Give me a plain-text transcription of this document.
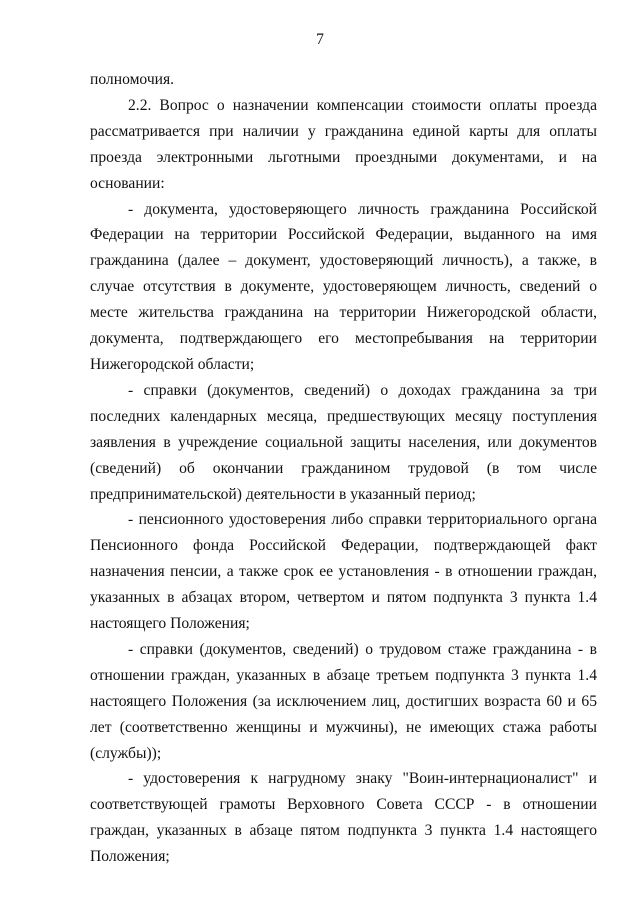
7

полномочия.

2.2. Вопрос о назначении компенсации стоимости оплаты проезда рассматривается при наличии у гражданина единой карты для оплаты проезда электронными льготными проездными документами, и на основании:

- документа, удостоверяющего личность гражданина Российской Федерации на территории Российской Федерации, выданного на имя гражданина (далее – документ, удостоверяющий личность), а также, в случае отсутствия в документе, удостоверяющем личность, сведений о месте жительства гражданина на территории Нижегородской области, документа, подтверждающего его местопребывания на территории Нижегородской области;

- справки (документов, сведений) о доходах гражданина за три последних календарных месяца, предшествующих месяцу поступления заявления в учреждение социальной защиты населения, или документов (сведений) об окончании гражданином трудовой (в том числе предпринимательской) деятельности в указанный период;

- пенсионного удостоверения либо справки территориального органа Пенсионного фонда Российской Федерации, подтверждающей факт назначения пенсии, а также срок ее установления - в отношении граждан, указанных в абзацах втором, четвертом и пятом подпункта 3 пункта 1.4 настоящего Положения;

- справки (документов, сведений) о трудовом стаже гражданина - в отношении граждан, указанных в абзаце третьем подпункта 3 пункта 1.4 настоящего Положения (за исключением лиц, достигших возраста 60 и 65 лет (соответственно женщины и мужчины), не имеющих стажа работы (службы));

- удостоверения к нагрудному знаку "Воин-интернационалист" и соответствующей грамоты Верховного Совета СССР - в отношении граждан, указанных в абзаце пятом подпункта 3 пункта 1.4 настоящего Положения;
